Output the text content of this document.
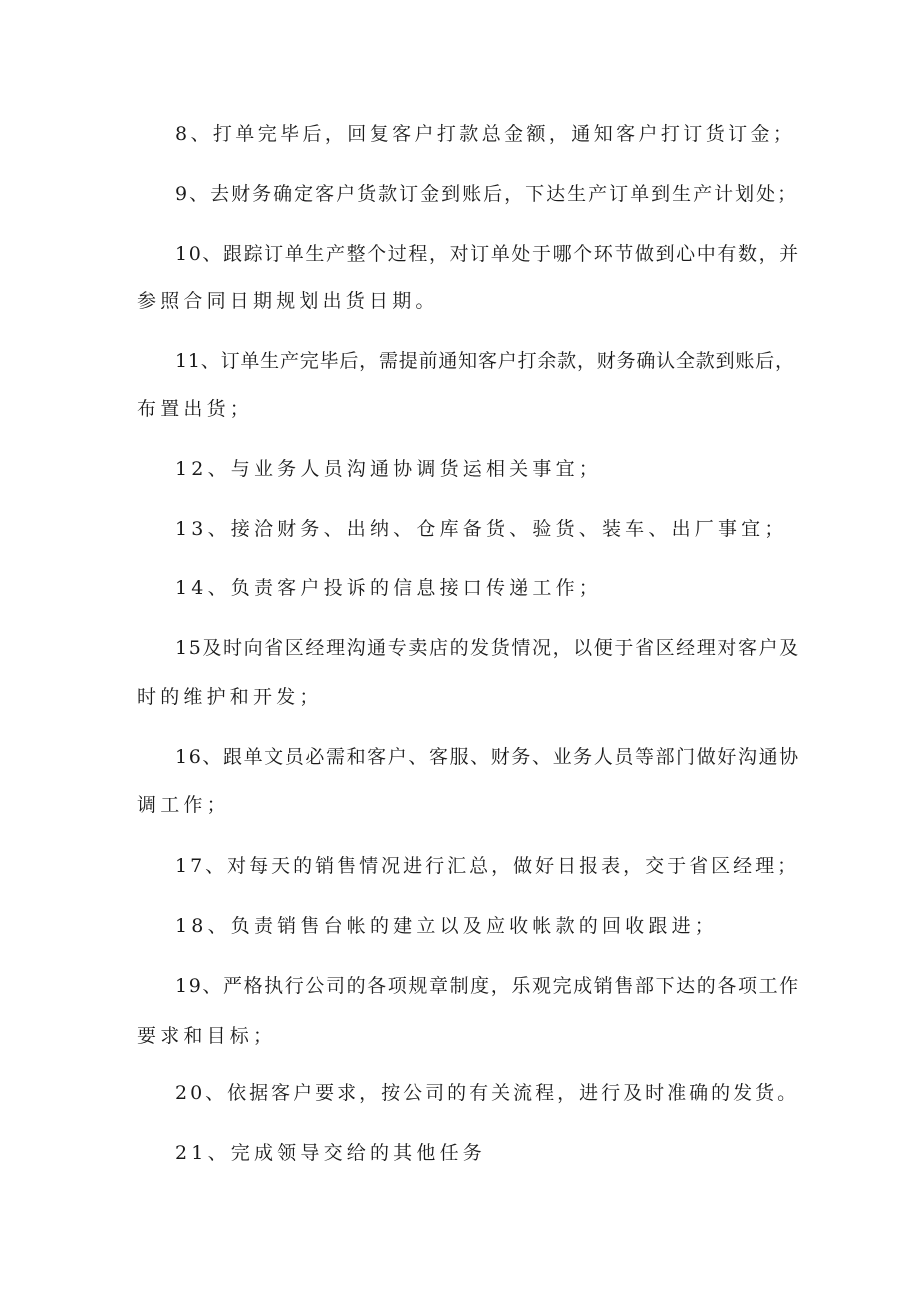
8、打单完毕后，回复客户打款总金额，通知客户打订货订金；
9、去财务确定客户货款订金到账后，下达生产订单到生产计划处；
10、跟踪订单生产整个过程，对订单处于哪个环节做到心中有数，并
参照合同日期规划出货日期。
11、订单生产完毕后，需提前通知客户打余款，财务确认全款到账后，
布置出货；
12、与业务人员沟通协调货运相关事宜；
13、接洽财务、出纳、仓库备货、验货、装车、出厂事宜；
14、负责客户投诉的信息接口传递工作；
15及时向省区经理沟通专卖店的发货情况，以便于省区经理对客户及
时的维护和开发；
16、跟单文员必需和客户、客服、财务、业务人员等部门做好沟通协
调工作；
17、对每天的销售情况进行汇总，做好日报表，交于省区经理；
18、负责销售台帐的建立以及应收帐款的回收跟进；
19、严格执行公司的各项规章制度，乐观完成销售部下达的各项工作
要求和目标；
20、依据客户要求，按公司的有关流程，进行及时准确的发货。
21、完成领导交给的其他任务
